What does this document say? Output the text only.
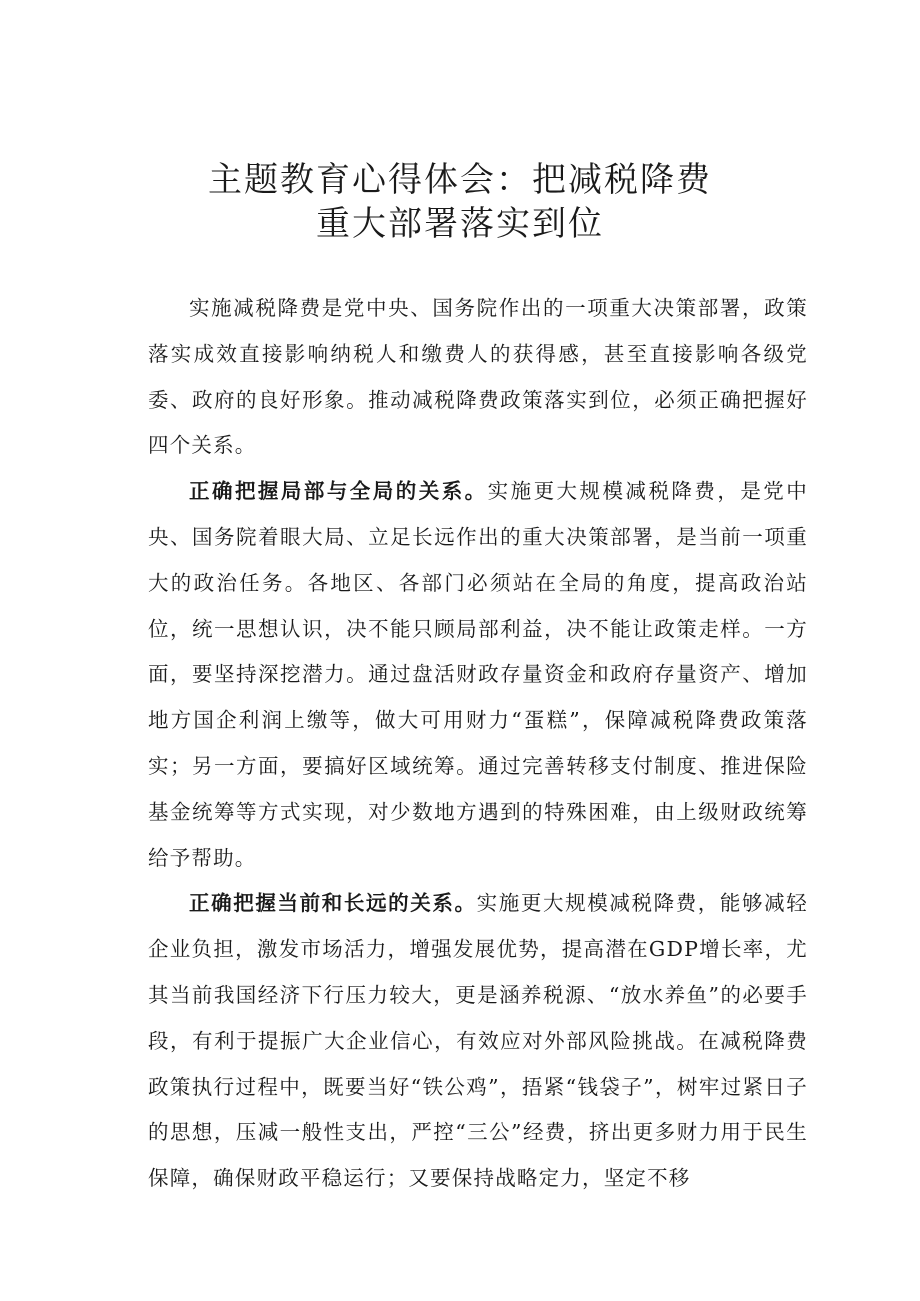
主题教育心得体会：把减税降费
重大部署落实到位

实施减税降费是党中央、国务院作出的一项重大决策部署，政策落实成效直接影响纳税人和缴费人的获得感，甚至直接影响各级党委、政府的良好形象。推动减税降费政策落实到位，必须正确把握好四个关系。

正确把握局部与全局的关系。实施更大规模减税降费，是党中央、国务院着眼大局、立足长远作出的重大决策部署，是当前一项重大的政治任务。各地区、各部门必须站在全局的角度，提高政治站位，统一思想认识，决不能只顾局部利益，决不能让政策走样。一方面，要坚持深挖潜力。通过盘活财政存量资金和政府存量资产、增加地方国企利润上缴等，做大可用财力“蛋糕”，保障减税降费政策落实；另一方面，要搞好区域统筹。通过完善转移支付制度、推进保险基金统筹等方式实现，对少数地方遇到的特殊困难，由上级财政统筹给予帮助。

正确把握当前和长远的关系。实施更大规模减税降费，能够减轻企业负担，激发市场活力，增强发展优势，提高潜在GDP增长率，尤其当前我国经济下行压力较大，更是涵养税源、“放水养鱼”的必要手段，有利于提振广大企业信心，有效应对外部风险挑战。在减税降费政策执行过程中，既要当好“铁公鸡”，捂紧“钱袋子”，树牢过紧日子的思想，压减一般性支出，严控“三公”经费，挤出更多财力用于民生保障，确保财政平稳运行；又要保持战略定力，坚定不移
